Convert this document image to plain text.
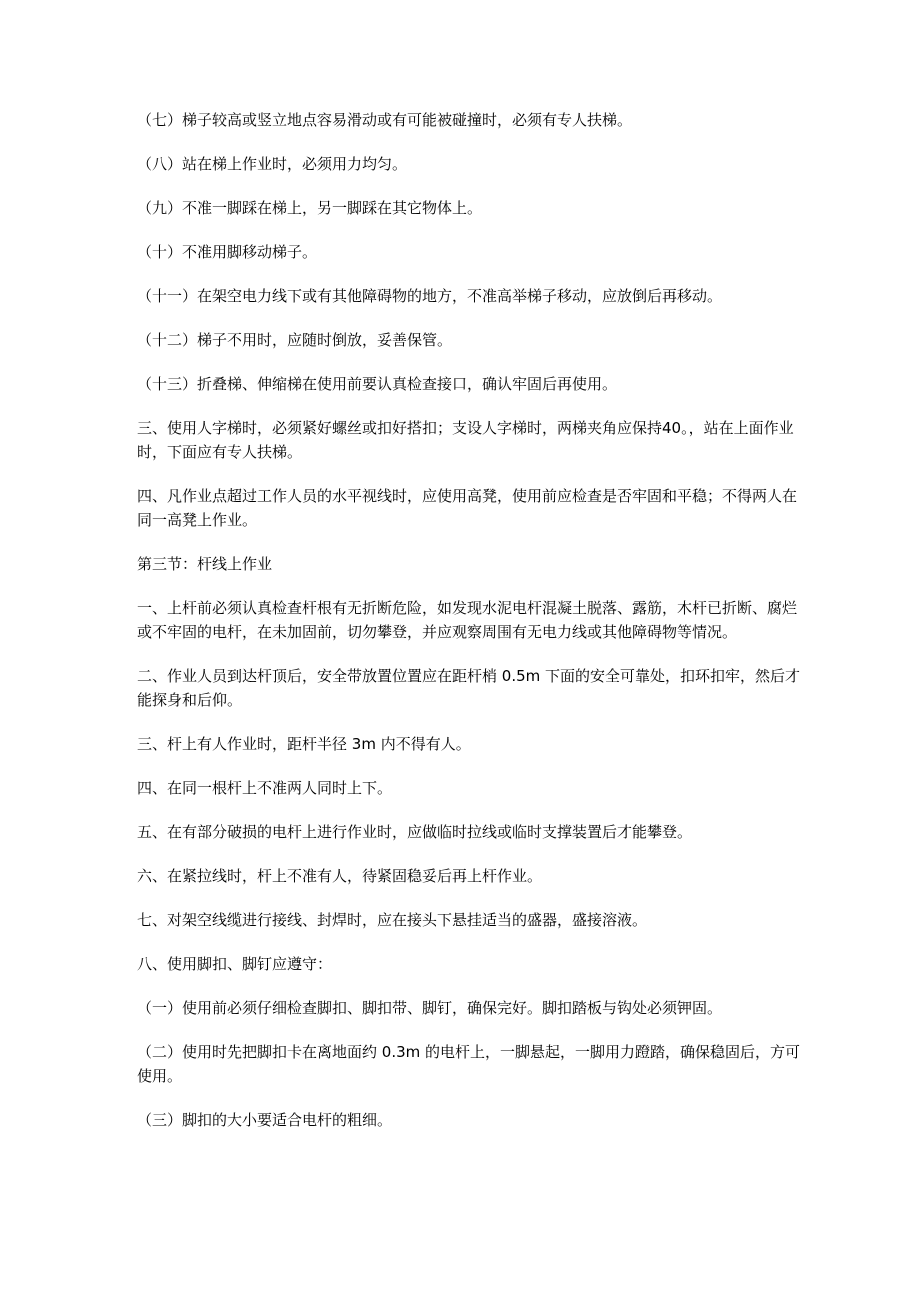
（七）梯子较高或竖立地点容易滑动或有可能被碰撞时，必须有专人扶梯。

（八）站在梯上作业时，必须用力均匀。

（九）不准一脚踩在梯上，另一脚踩在其它物体上。

（十）不准用脚移动梯子。

（十一）在架空电力线下或有其他障碍物的地方，不准高举梯子移动，应放倒后再移动。

（十二）梯子不用时，应随时倒放，妥善保管。

（十三）折叠梯、伸缩梯在使用前要认真检查接口，确认牢固后再使用。

三、使用人字梯时，必须紧好螺丝或扣好搭扣；支设人字梯时，两梯夹角应保持40。，站在上面作业时，下面应有专人扶梯。

四、凡作业点超过工作人员的水平视线时，应使用高凳，使用前应检查是否牢固和平稳；不得两人在同一高凳上作业。

第三节：杆线上作业

一、上杆前必须认真检查杆根有无折断危险，如发现水泥电杆混凝土脱落、露筋，木杆已折断、腐烂或不牢固的电杆，在未加固前，切勿攀登，并应观察周围有无电力线或其他障碍物等情况。

二、作业人员到达杆顶后，安全带放置位置应在距杆梢 0.5m 下面的安全可靠处，扣环扣牢，然后才能探身和后仰。

三、杆上有人作业时，距杆半径 3m 内不得有人。

四、在同一根杆上不准两人同时上下。

五、在有部分破损的电杆上进行作业时，应做临时拉线或临时支撑装置后才能攀登。

六、在紧拉线时，杆上不准有人，待紧固稳妥后再上杆作业。

七、对架空线缆进行接线、封焊时，应在接头下悬挂适当的盛器，盛接溶液。

八、使用脚扣、脚钉应遵守：

（一）使用前必须仔细检查脚扣、脚扣带、脚钉，确保完好。脚扣踏板与钩处必须钾固。

（二）使用时先把脚扣卡在离地面约 0.3m 的电杆上，一脚悬起，一脚用力蹬踏，确保稳固后，方可使用。

（三）脚扣的大小要适合电杆的粗细。
